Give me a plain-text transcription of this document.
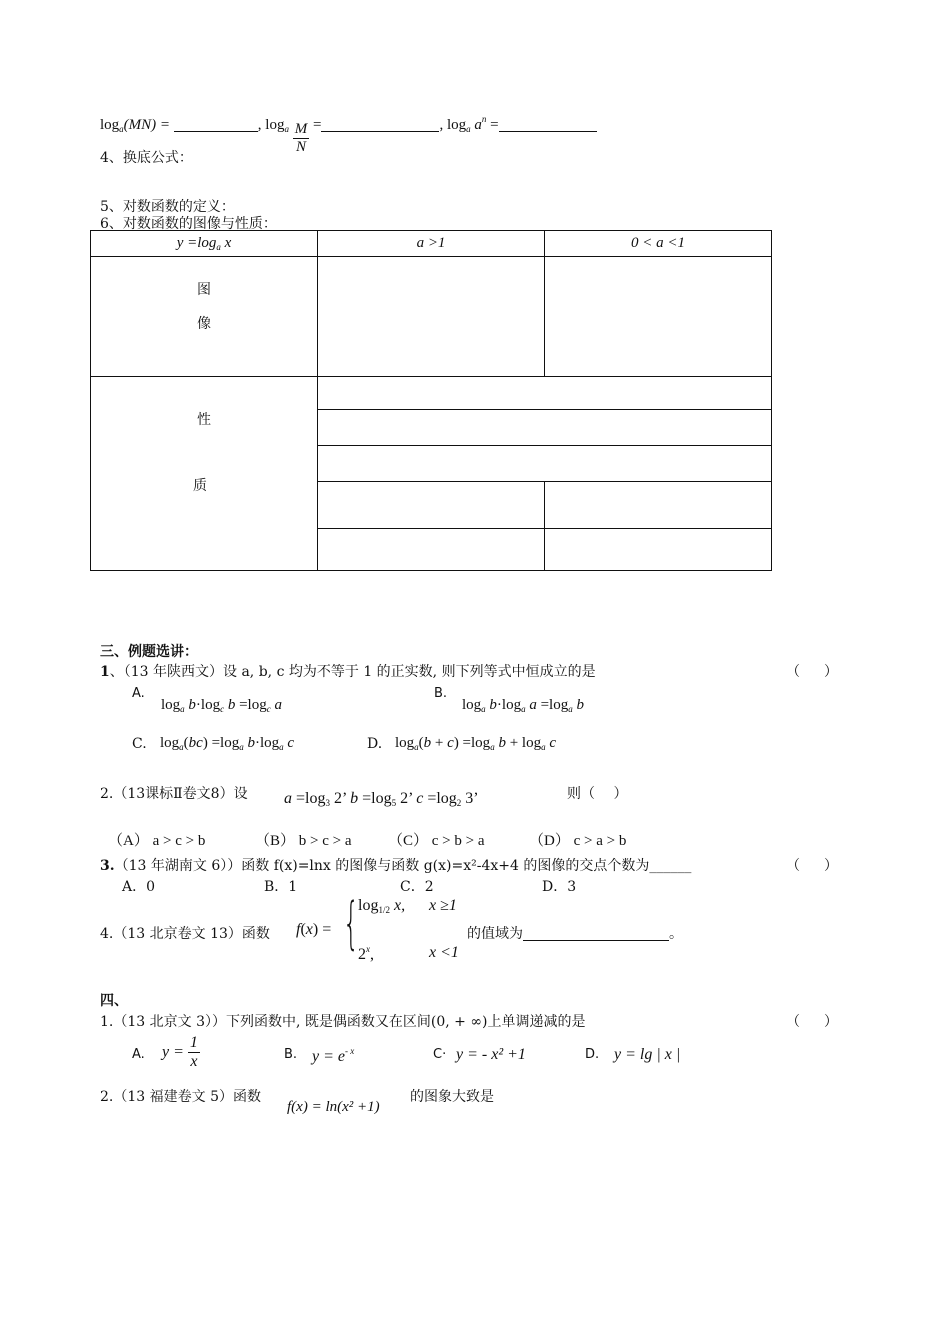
$\log_a(MN)$ =	, $\log_a \frac{M}{N}$ =	, $\log_a a^n$ =
4、换底公式：
5、对数函数的定义：
6、对数函数的图像与性质：
$y =\log_a$ x	a >1	0 < a <1

图
像		

性
质		

三、例题选讲：
1、（13 年陕西文）设 a, b, c 均为不等于 1 的正实数, 则下列等式中恒成立的是	（ ）
A.
$\log_a b\cdot\log_c$ $b =\log_c$ a
B.
$\log_a b\cdot\log_a$ $a =\log_a$ b
C. $\log_a(bc) =\log_a$ $b\cdot\log_a$ c	D. $\log_a(b + c) =\log_a$ $b + \log_a c$
2.（13课标Ⅱ卷文8）设 $a =\log_3$ 2’ $b =\log_5$ 2’ $c =\log_2$ 3’	则（　 ）
（A） a > c > b	（B） b > c > a （C） c > b > a	（D） c > a > b
3.（13 年湖南文 6））函数 f(x)=lnx 的图像与函数 g(x)=x²-4x+4 的图像的交点个数为______	（ ）
A．0	B．1	C．2	D．3
4.（13 北京卷文 13）函数 f(x) = {
$\log_{1/2} x$, x ≥1
2$^x$,	x <1
的值域为	。
四、
1.（13 北京文 3））下列函数中, 既是偶函数又在区间(0, + ∞)上单调递减的是	（ ）
A. $y = \frac{1}{x}$	B. $y = e^{- x}$	C· y = - x² +1	D. y = lg | x |
2.（13 福建卷文 5）函数
f(x) = ln(x² +1)
的图象大致是
